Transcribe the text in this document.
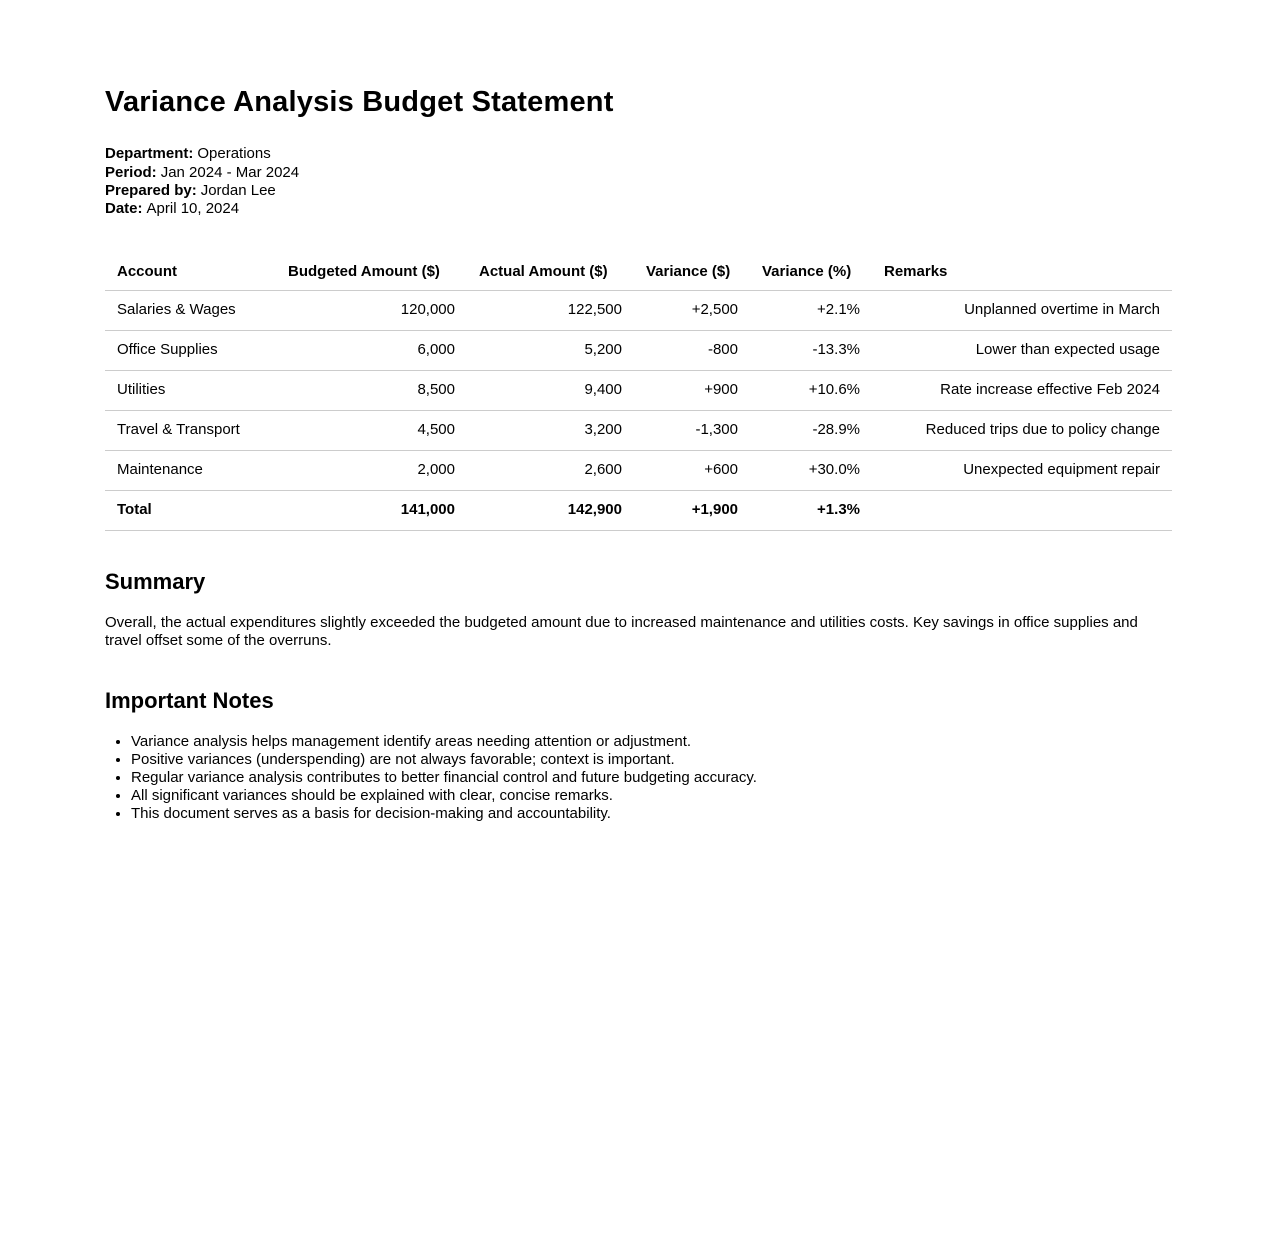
Variance Analysis Budget Statement
Department: Operations
Period: Jan 2024 - Mar 2024
Prepared by: Jordan Lee
Date: April 10, 2024
Account	Budgeted Amount ($)	Actual Amount ($)	Variance ($)	Variance (%)	Remarks
Salaries & Wages	120,000	122,500	+2,500	+2.1%	Unplanned overtime in March
Office Supplies	6,000	5,200	-800	-13.3%	Lower than expected usage
Utilities	8,500	9,400	+900	+10.6%	Rate increase effective Feb 2024
Travel & Transport	4,500	3,200	-1,300	-28.9%	Reduced trips due to policy change
Maintenance	2,000	2,600	+600	+30.0%	Unexpected equipment repair
Total	141,000	142,900	+1,900	+1.3%	
Summary

Overall, the actual expenditures slightly exceeded the budgeted amount due to increased maintenance and utilities costs. Key savings in office supplies and travel offset some of the overruns.

Important Notes
• Variance analysis helps management identify areas needing attention or adjustment.
• Positive variances (underspending) are not always favorable; context is important.
• Regular variance analysis contributes to better financial control and future budgeting accuracy.
• All significant variances should be explained with clear, concise remarks.
• This document serves as a basis for decision-making and accountability.
